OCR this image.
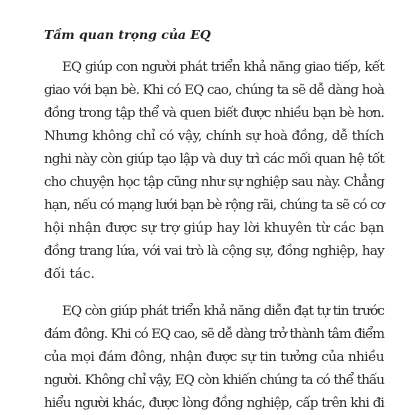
Tầm quan trọng của EQ
EQ giúp con người phát triển khả năng giao tiếp, kết
giao với bạn bè. Khi có EQ cao, chúng ta sẽ dễ dàng hoà
đồng trong tập thể và quen biết được nhiều bạn bè hơn.
Nhưng không chỉ có vậy, chính sự hoà đồng, dễ thích
nghi này còn giúp tạo lập và duy trì các mối quan hệ tốt
cho chuyện học tập cũng như sự nghiệp sau này. Chẳng
hạn, nếu có mạng lưới bạn bè rộng rãi, chúng ta sẽ có cơ
hội nhận được sự trợ giúp hay lời khuyên từ các bạn
đồng trang lứa, với vai trò là cộng sự, đồng nghiệp, hay
đối tác.
EQ còn giúp phát triển khả năng diễn đạt tự tin trước
đám đông. Khi có EQ cao, sẽ dễ dàng trở thành tâm điểm
của mọi đám đông, nhận được sự tin tưởng của nhiều
người. Không chỉ vậy, EQ còn khiến chúng ta có thể thấu
hiểu người khác, được lòng đồng nghiệp, cấp trên khi đi
